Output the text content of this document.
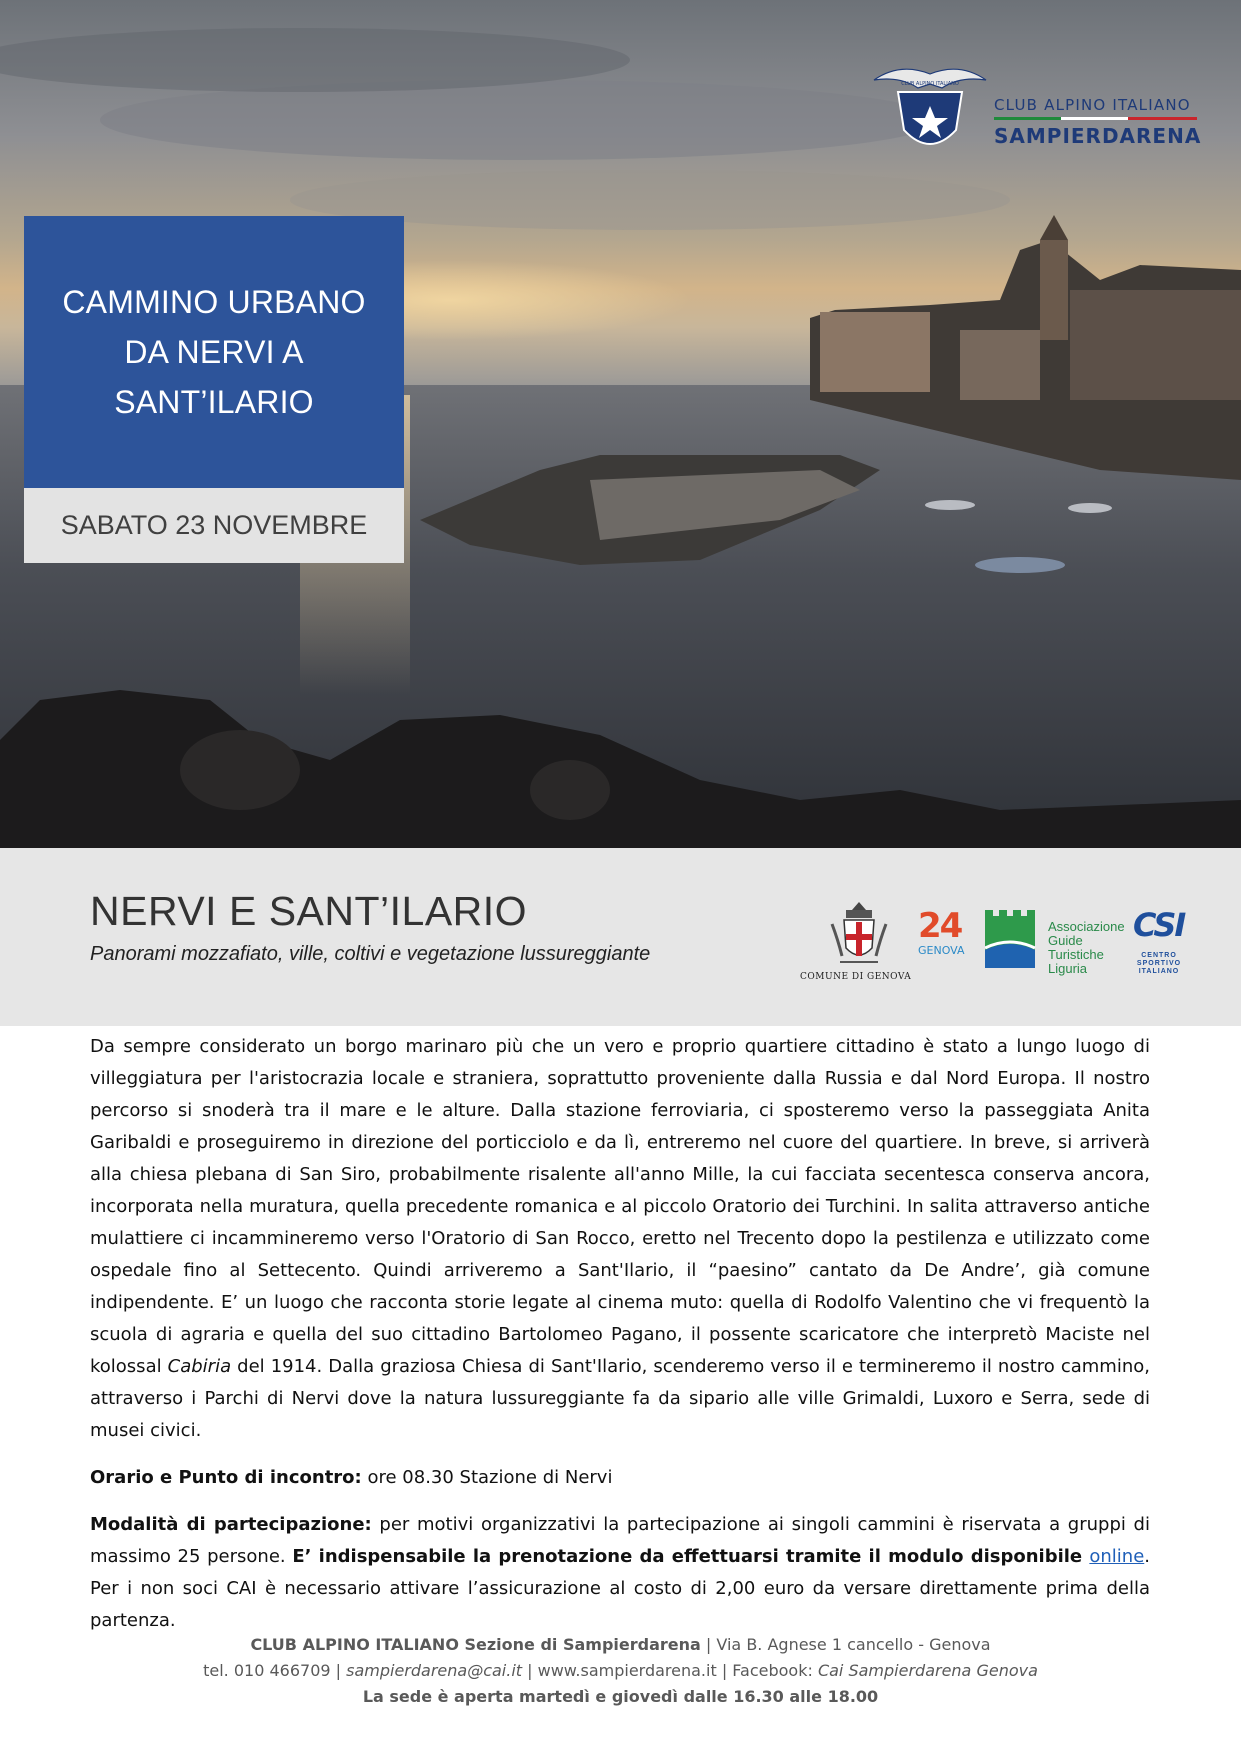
CLUB ALPINO ITALIANO
CLUB ALPINO ITALIANO
SAMPIERDARENA
CAMMINO URBANO
DA NERVI A
SANT’ILARIO
SABATO 23 NOVEMBRE
NERVI E SANT’ILARIO
Panorami mozzafiato, ville, coltivi e vegetazione lussureggiante
COMUNE DI GENOVA
24
GENOVA
Associazione
Guide
Turistiche
Liguria
CSI
CENTRO
SPORTIVO
ITALIANO

Da sempre considerato un borgo marinaro più che un vero e proprio quartiere cittadino è stato a lungo luogo di villeggiatura per l'aristocrazia locale e straniera, soprattutto proveniente dalla Russia e dal Nord Europa. Il nostro percorso si snoderà tra il mare e le alture. Dalla stazione ferroviaria, ci sposteremo verso la passeggiata Anita Garibaldi e proseguiremo in direzione del porticciolo e da lì, entreremo nel cuore del quartiere. In breve, si arriverà alla chiesa plebana di San Siro, probabilmente risalente all'anno Mille, la cui facciata secentesca conserva ancora, incorporata nella muratura, quella precedente romanica e al piccolo Oratorio dei Turchini. In salita attraverso antiche mulattiere ci incammineremo verso l'Oratorio di San Rocco, eretto nel Trecento dopo la pestilenza e utilizzato come ospedale fino al Settecento. Quindi arriveremo a Sant'Ilario, il “paesino” cantato da De Andre’, già comune indipendente. E’ un luogo che racconta storie legate al cinema muto: quella di Rodolfo Valentino che vi frequentò la scuola di agraria e quella del suo cittadino Bartolomeo Pagano, il possente scaricatore che interpretò Maciste nel kolossal Cabiria del 1914. Dalla graziosa Chiesa di Sant'Ilario, scenderemo verso il e termineremo il nostro cammino, attraverso i Parchi di Nervi dove la natura lussureggiante fa da sipario alle ville Grimaldi, Luxoro e Serra, sede di musei civici.

Orario e Punto di incontro: ore 08.30 Stazione di Nervi

Modalità di partecipazione: per motivi organizzativi la partecipazione ai singoli cammini è riservata a gruppi di massimo 25 persone. E’ indispensabile la prenotazione da effettuarsi tramite il modulo disponibile online. Per i non soci CAI è necessario attivare l’assicurazione al costo di 2,00 euro da versare direttamente prima della partenza.

CLUB ALPINO ITALIANO Sezione di Sampierdarena | Via B. Agnese 1 cancello - Genova
tel. 010 466709 | sampierdarena@cai.it | www.sampierdarena.it | Facebook: Cai Sampierdarena Genova
La sede è aperta martedì e giovedì dalle 16.30 alle 18.00
